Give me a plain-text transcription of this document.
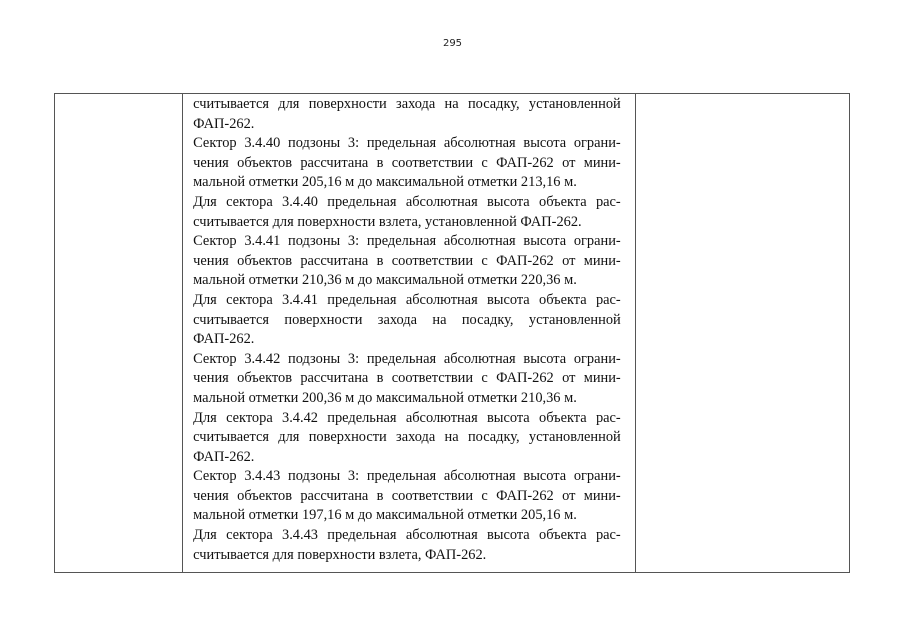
295

считывается для поверхности захода на посадку, установленной
ФАП-262.
Сектор 3.4.40 подзоны 3: предельная абсолютная высота ограни-
чения объектов рассчитана в соответствии с ФАП-262 от мини-
мальной отметки 205,16 м до максимальной отметки 213,16 м.
Для сектора 3.4.40 предельная абсолютная высота объекта рас-
считывается для поверхности взлета, установленной ФАП-262.
Сектор 3.4.41 подзоны 3: предельная абсолютная высота ограни-
чения объектов рассчитана в соответствии с ФАП-262 от мини-
мальной отметки 210,36 м до максимальной отметки 220,36 м.
Для сектора 3.4.41 предельная абсолютная высота объекта рас-
считывается поверхности захода на посадку, установленной
ФАП-262.
Сектор 3.4.42 подзоны 3: предельная абсолютная высота ограни-
чения объектов рассчитана в соответствии с ФАП-262 от мини-
мальной отметки 200,36 м до максимальной отметки 210,36 м.
Для сектора 3.4.42 предельная абсолютная высота объекта рас-
считывается для поверхности захода на посадку, установленной
ФАП-262.
Сектор 3.4.43 подзоны 3: предельная абсолютная высота ограни-
чения объектов рассчитана в соответствии с ФАП-262 от мини-
мальной отметки 197,16 м до максимальной отметки 205,16 м.
Для сектора 3.4.43 предельная абсолютная высота объекта рас-
считывается для поверхности взлета, ФАП-262.
